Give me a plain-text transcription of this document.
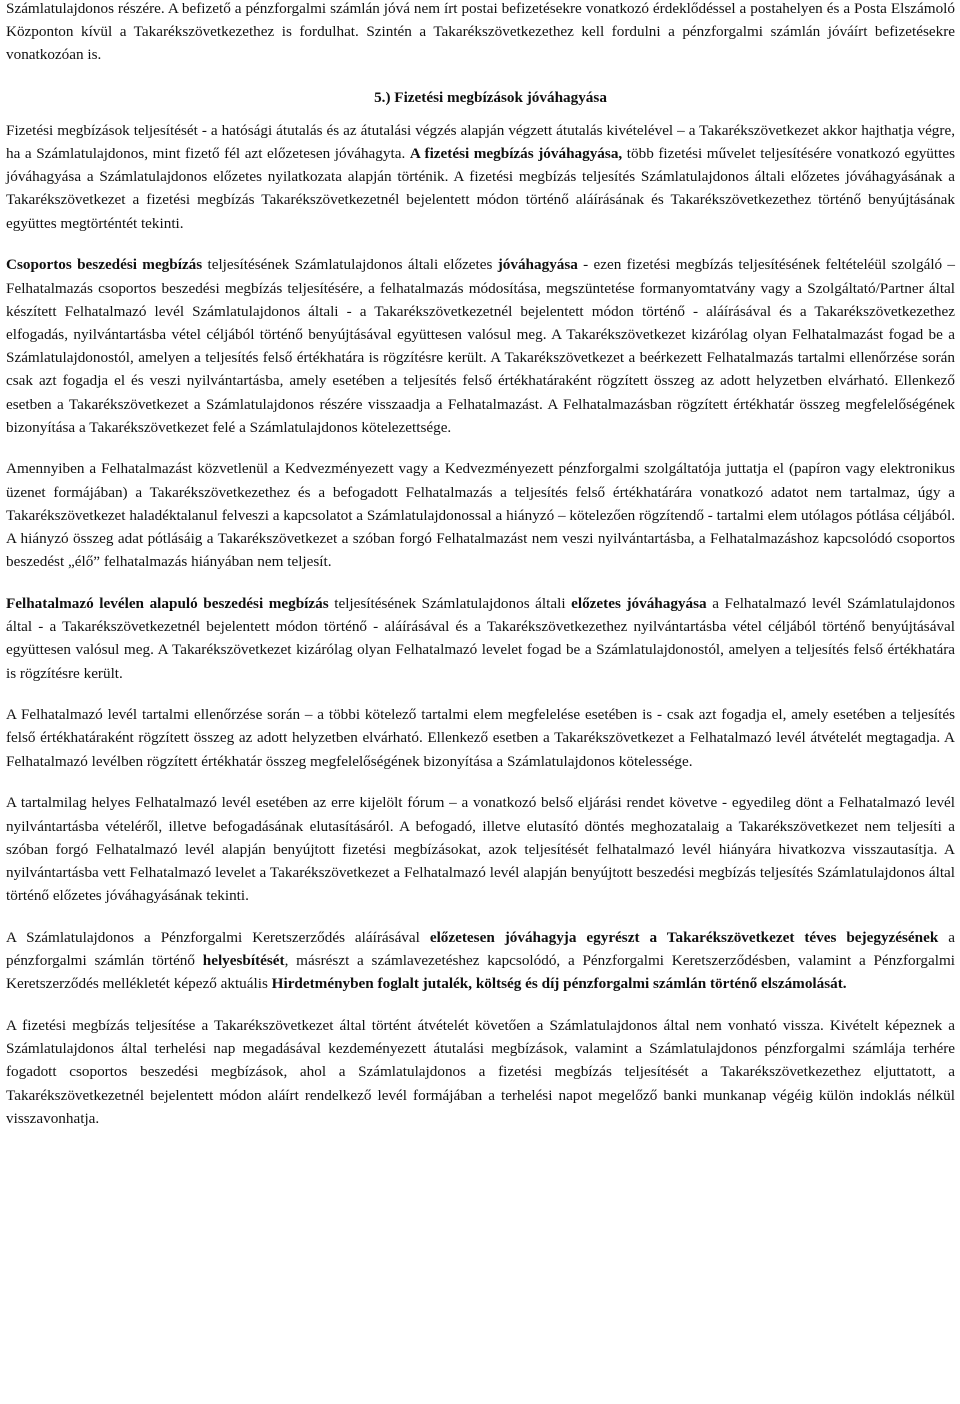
Számlatulajdonos részére. A befizető a pénzforgalmi számlán jóvá nem írt postai befizetésekre vonatkozó érdeklődéssel a postahelyen és a Posta Elszámoló Központon kívül a Takarékszövetkezethez is fordulhat. Szintén a Takarékszövetkezethez kell fordulni a pénzforgalmi számlán jóváírt befizetésekre vonatkozóan is.

5.) Fizetési megbízások jóváhagyása

Fizetési megbízások teljesítését - a hatósági átutalás és az átutalási végzés alapján végzett átutalás kivételével – a Takarékszövetkezet akkor hajthatja végre, ha a Számlatulajdonos, mint fizető fél azt előzetesen jóváhagyta. A fizetési megbízás jóváhagyása, több fizetési művelet teljesítésére vonatkozó együttes jóváhagyása a Számlatulajdonos előzetes nyilatkozata alapján történik. A fizetési megbízás teljesítés Számlatulajdonos általi előzetes jóváhagyásának a Takarékszövetkezet a fizetési megbízás Takarékszövetkezetnél bejelentett módon történő aláírásának és Takarékszövetkezethez történő benyújtásának együttes megtörténtét tekinti.

Csoportos beszedési megbízás teljesítésének Számlatulajdonos általi előzetes jóváhagyása - ezen fizetési megbízás teljesítésének feltételéül szolgáló – Felhatalmazás csoportos beszedési megbízás teljesítésére, a felhatalmazás módosítása, megszüntetése formanyomtatvány vagy a Szolgáltató/Partner által készített Felhatalmazó levél Számlatulajdonos általi - a Takarékszövetkezetnél bejelentett módon történő - aláírásával és a Takarékszövetkezethez elfogadás, nyilvántartásba vétel céljából történő benyújtásával együttesen valósul meg. A Takarékszövetkezet kizárólag olyan Felhatalmazást fogad be a Számlatulajdonostól, amelyen a teljesítés felső értékhatára is rögzítésre került. A Takarékszövetkezet a beérkezett Felhatalmazás tartalmi ellenőrzése során csak azt fogadja el és veszi nyilvántartásba, amely esetében a teljesítés felső értékhatáraként rögzített összeg az adott helyzetben elvárható. Ellenkező esetben a Takarékszövetkezet a Számlatulajdonos részére visszaadja a Felhatalmazást. A Felhatalmazásban rögzített értékhatár összeg megfelelőségének bizonyítása a Takarékszövetkezet felé a Számlatulajdonos kötelezettsége.

Amennyiben a Felhatalmazást közvetlenül a Kedvezményezett vagy a Kedvezményezett pénzforgalmi szolgáltatója juttatja el (papíron vagy elektronikus üzenet formájában) a Takarékszövetkezethez és a befogadott Felhatalmazás a teljesítés felső értékhatárára vonatkozó adatot nem tartalmaz, úgy a Takarékszövetkezet haladéktalanul felveszi a kapcsolatot a Számlatulajdonossal a hiányzó – kötelezően rögzítendő - tartalmi elem utólagos pótlása céljából. A hiányzó összeg adat pótlásáig a Takarékszövetkezet a szóban forgó Felhatalmazást nem veszi nyilvántartásba, a Felhatalmazáshoz kapcsolódó csoportos beszedést „élő” felhatalmazás hiányában nem teljesít.

Felhatalmazó levélen alapuló beszedési megbízás teljesítésének Számlatulajdonos általi előzetes jóváhagyása a Felhatalmazó levél Számlatulajdonos által - a Takarékszövetkezetnél bejelentett módon történő - aláírásával és a Takarékszövetkezethez nyilvántartásba vétel céljából történő benyújtásával együttesen valósul meg. A Takarékszövetkezet kizárólag olyan Felhatalmazó levelet fogad be a Számlatulajdonostól, amelyen a teljesítés felső értékhatára is rögzítésre került.

A Felhatalmazó levél tartalmi ellenőrzése során – a többi kötelező tartalmi elem megfelelése esetében is - csak azt fogadja el, amely esetében a teljesítés felső értékhatáraként rögzített összeg az adott helyzetben elvárható. Ellenkező esetben a Takarékszövetkezet a Felhatalmazó levél átvételét megtagadja. A Felhatalmazó levélben rögzített értékhatár összeg megfelelőségének bizonyítása a Számlatulajdonos kötelessége.

A tartalmilag helyes Felhatalmazó levél esetében az erre kijelölt fórum – a vonatkozó belső eljárási rendet követve - egyedileg dönt a Felhatalmazó levél nyilvántartásba vételéről, illetve befogadásának elutasításáról. A befogadó, illetve elutasító döntés meghozatalaig a Takarékszövetkezet nem teljesíti a szóban forgó Felhatalmazó levél alapján benyújtott fizetési megbízásokat, azok teljesítését felhatalmazó levél hiányára hivatkozva visszautasítja. A nyilvántartásba vett Felhatalmazó levelet a Takarékszövetkezet a Felhatalmazó levél alapján benyújtott beszedési megbízás teljesítés Számlatulajdonos által történő előzetes jóváhagyásának tekinti.

A Számlatulajdonos a Pénzforgalmi Keretszerződés aláírásával előzetesen jóváhagyja egyrészt a Takarékszövetkezet téves bejegyzésének a pénzforgalmi számlán történő helyesbítését, másrészt a számlavezetéshez kapcsolódó, a Pénzforgalmi Keretszerződésben, valamint a Pénzforgalmi Keretszerződés mellékletét képező aktuális Hirdetményben foglalt jutalék, költség és díj pénzforgalmi számlán történő elszámolását.

A fizetési megbízás teljesítése a Takarékszövetkezet által történt átvételét követően a Számlatulajdonos által nem vonható vissza. Kivételt képeznek a Számlatulajdonos által terhelési nap megadásával kezdeményezett átutalási megbízások, valamint a Számlatulajdonos pénzforgalmi számlája terhére fogadott csoportos beszedési megbízások, ahol a Számlatulajdonos a fizetési megbízás teljesítését a Takarékszövetkezethez eljuttatott, a Takarékszövetkezetnél bejelentett módon aláírt rendelkező levél formájában a terhelési napot megelőző banki munkanap végéig külön indoklás nélkül visszavonhatja.
